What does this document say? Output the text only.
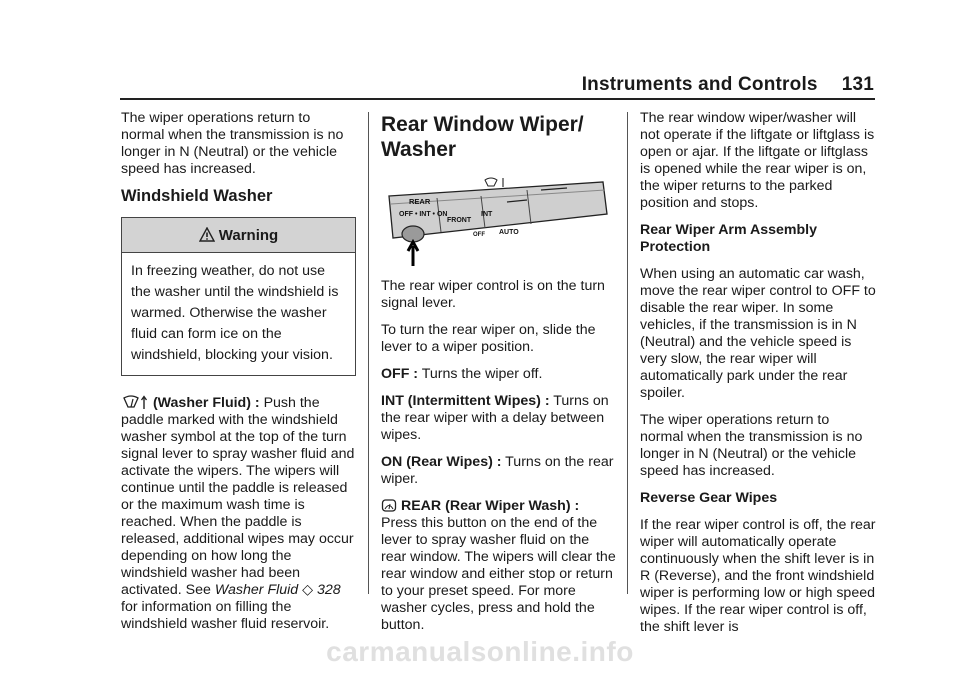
Instruments and Controls 131

The wiper operations return to normal when the transmission is no longer in N (Neutral) or the vehicle speed has increased.

Windshield Washer
Warning
In freezing weather, do not use the washer until the windshield is warmed. Otherwise the washer fluid can form ice on the windshield, blocking your vision.

(Washer Fluid) : Push the paddle marked with the windshield washer symbol at the top of the turn signal lever to spray washer fluid and activate the wipers. The wipers will continue until the paddle is released or the maximum wash time is reached. When the paddle is released, additional wipes may occur depending on how long the windshield washer had been activated. See Washer Fluid ◇ 328 for information on filling the windshield washer fluid reservoir.

Rear Window Wiper/ Washer
REAR
OFF • INT • ON
FRONT
INT
AUTO
OFF

The rear wiper control is on the turn signal lever.

To turn the rear wiper on, slide the lever to a wiper position.

OFF : Turns the wiper off.

INT (Intermittent Wipes) : Turns on the rear wiper with a delay between wipes.

ON (Rear Wipes) : Turns on the rear wiper.

REAR (Rear Wiper Wash) :
Press this button on the end of the lever to spray washer fluid on the rear window. The wipers will clear the rear window and either stop or return to your preset speed. For more washer cycles, press and hold the button.

The rear window wiper/washer will not operate if the liftgate or liftglass is open or ajar. If the liftgate or liftglass is opened while the rear wiper is on, the wiper returns to the parked position and stops.

Rear Wiper Arm Assembly Protection

When using an automatic car wash, move the rear wiper control to OFF to disable the rear wiper. In some vehicles, if the transmission is in N (Neutral) and the vehicle speed is very slow, the rear wiper will automatically park under the rear spoiler.

The wiper operations return to normal when the transmission is no longer in N (Neutral) or the vehicle speed has increased.

Reverse Gear Wipes

If the rear wiper control is off, the rear wiper will automatically operate continuously when the shift lever is in R (Reverse), and the front windshield wiper is performing low or high speed wipes. If the rear wiper control is off, the shift lever is

carmanualsonline.info
